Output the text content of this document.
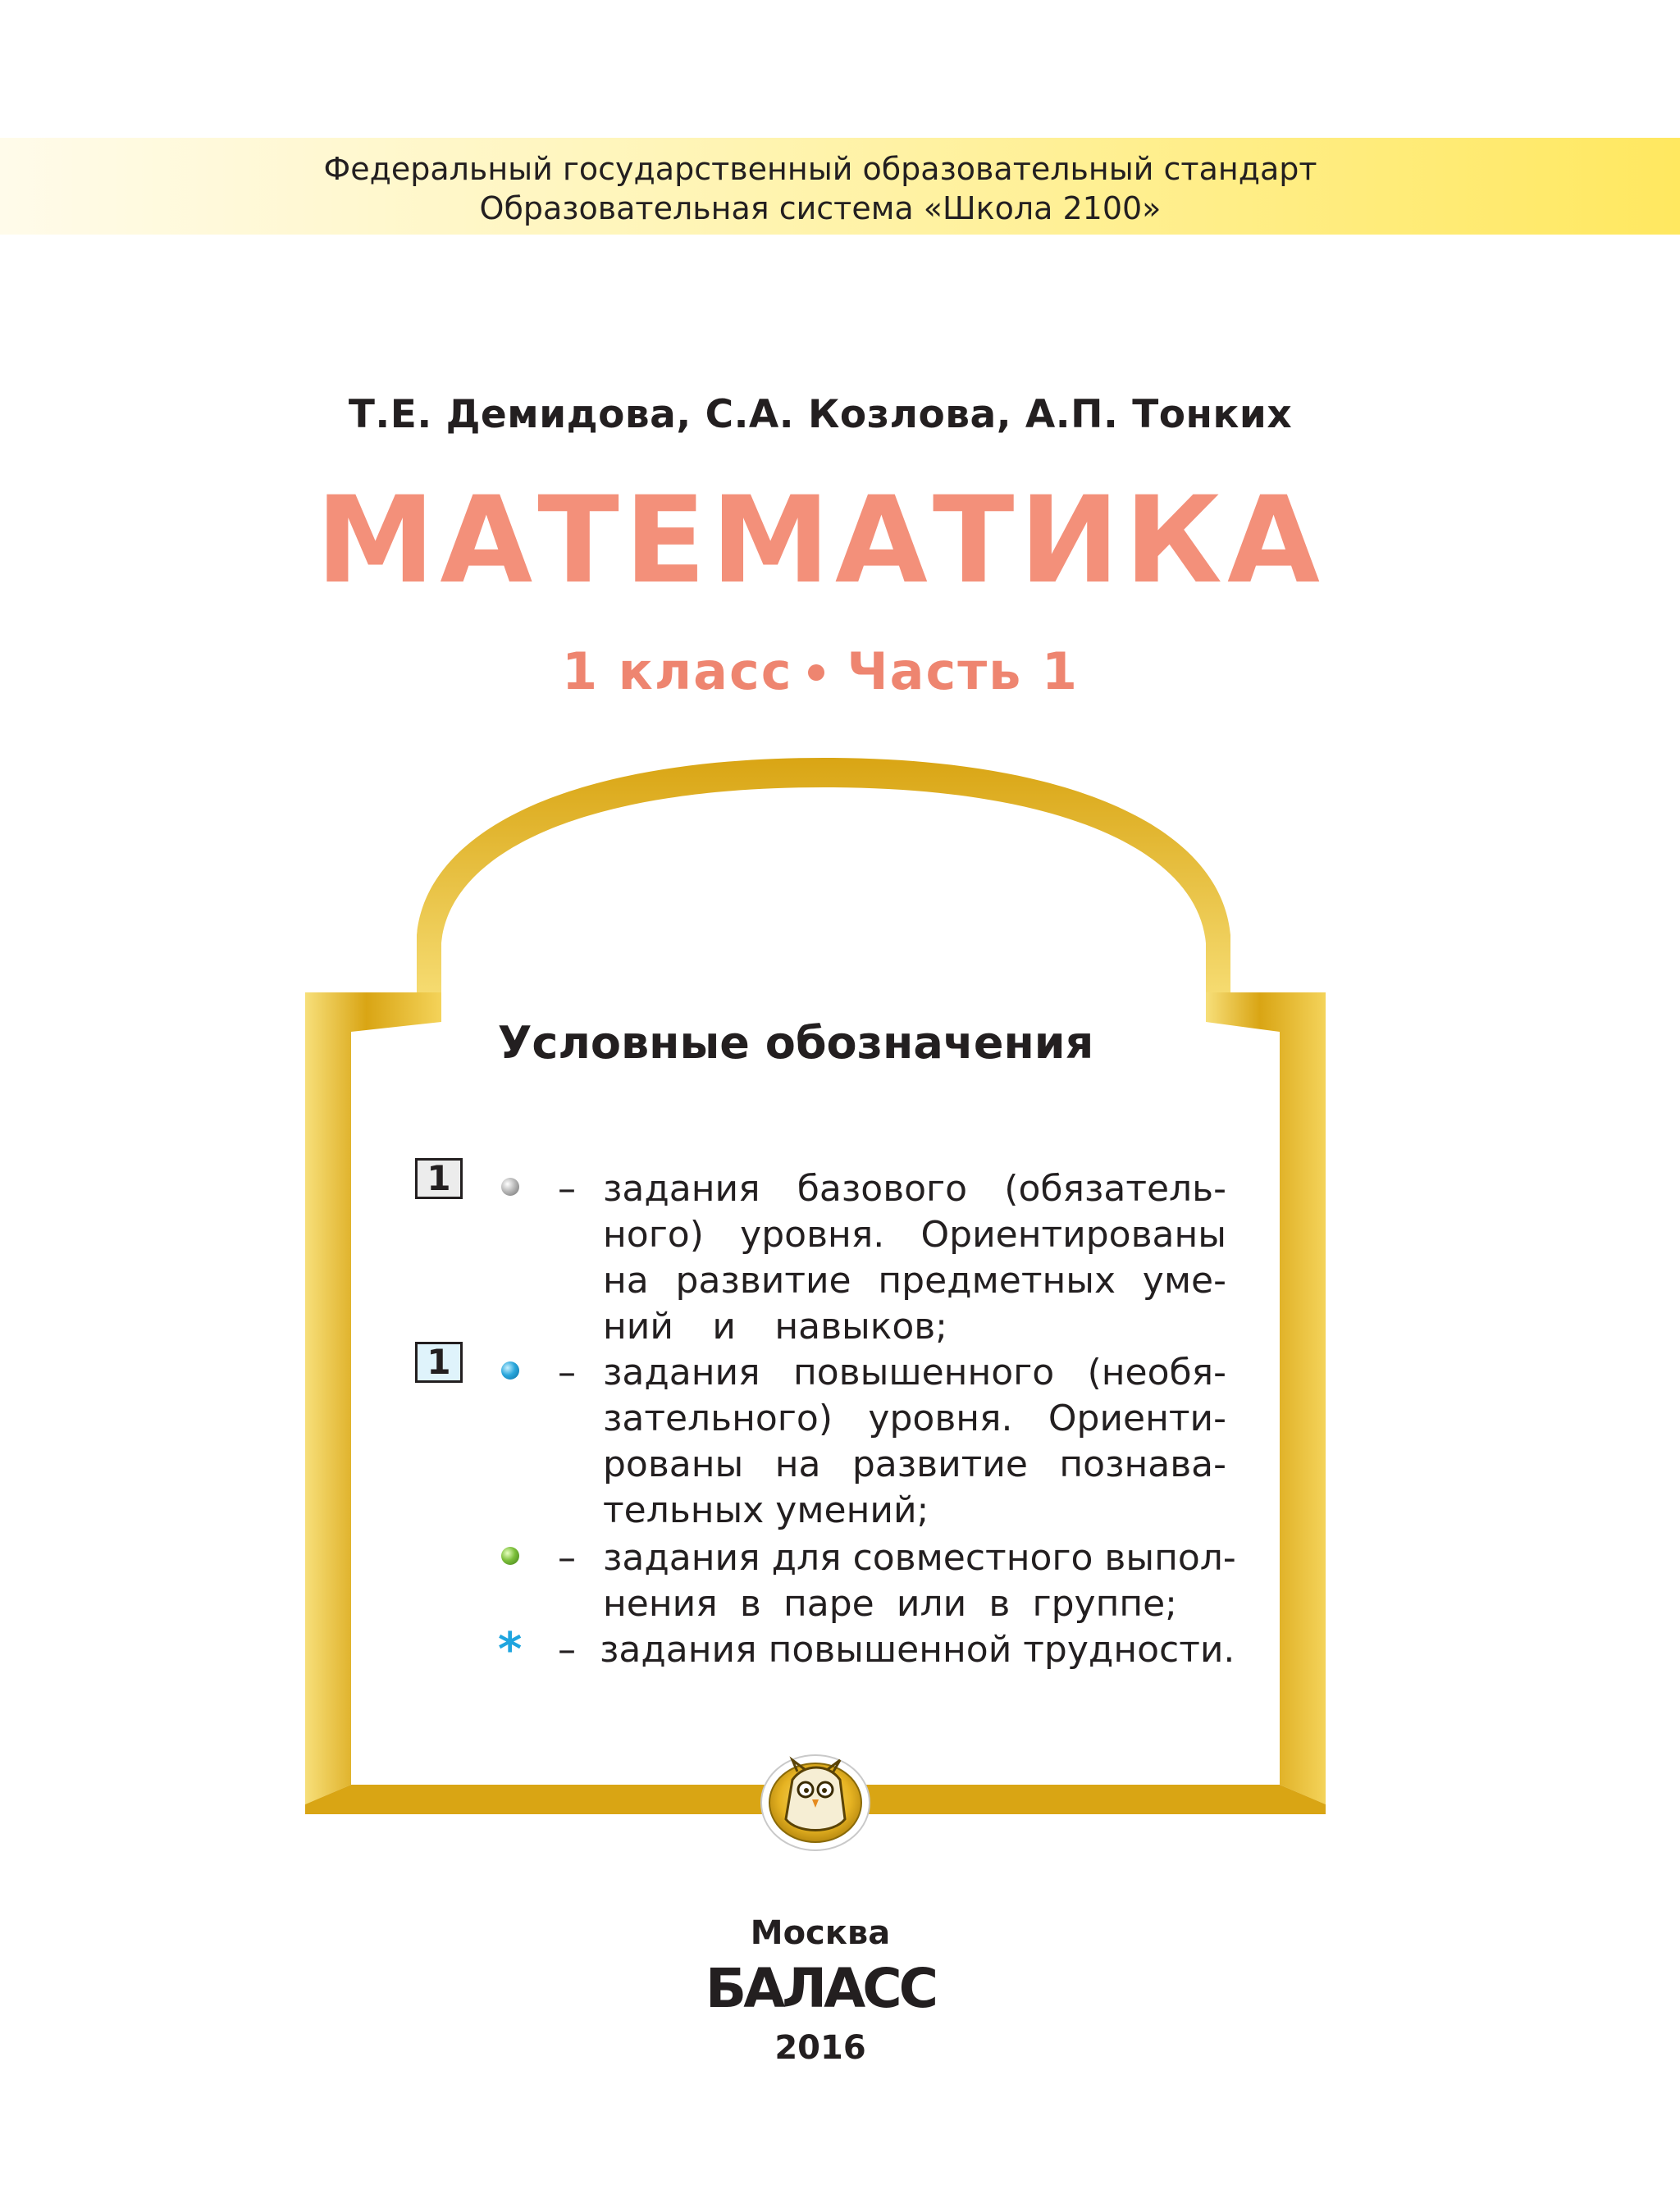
Федеральный государственный образовательный стандарт
Образовательная система «Школа 2100»
Т.Е. Демидова, С.А. Козлова, А.П. Тонких
МАТЕМАТИКА
1 класс Часть 1
Условные обозначения
1	–
1	–
–
* –
задания базового (обязатель-
ного) уровня. Ориентированы
на развитие предметных уме-
ний и навыков;
задания повышенного (необя-
зательного) уровня. Ориенти-
рованы на развитие познава-
тельных умений;
задания для совместного выпол-
нения в паре или в группе;
задания повышенной трудности.
Москва
БАЛАСС
2016
